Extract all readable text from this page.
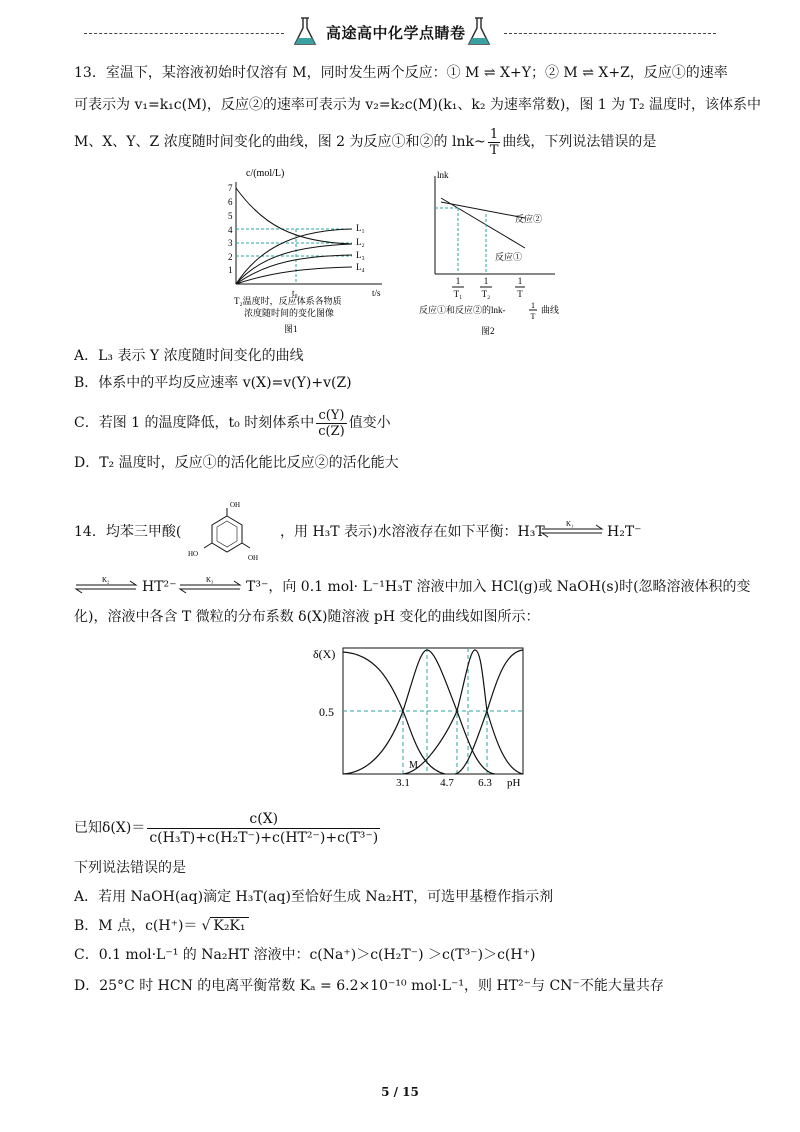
高途高中化学点睛卷
13．室温下，某溶液初始时仅溶有 M，同时发生两个反应：① M ⇌ X+Y；② M ⇌ X+Z，反应①的速率
可表示为 v₁=k₁c(M)，反应②的速率可表示为 v₂=k₂c(M)(k₁、k₂ 为速率常数)，图 1 为 T₂ 温度时，该体系中
M、X、Y、Z 浓度随时间变化的曲线，图 2 为反应①和②的 lnk~ $\frac{1}{T}$ 曲线，下列说法错误的是
c/(mol/L)
7
6
5
4
3
2
1
L₁
L₂
L₃
L₄
t₀	t/s
T₂温度时，反应体系各物质
浓度随时间的变化图像
图1
lnk
反应②
反应①
1
T₁
1
T₂
1
T
反应①和反应②的lnk-	1
T
曲线
图2
A．L₃ 表示 Y 浓度随时间变化的曲线
B．体系中的平均反应速率 v(X)=v(Y)+v(Z)
C．若图 1 的温度降低，t₀ 时刻体系中 $\frac{c(Y)}{c(Z)}$ 值变小
D．T₂ 温度时，反应①的活化能比反应②的活化能大
14．均苯三甲酸(
OH
HO	OH
，用 H₃T 表示)水溶液存在如下平衡：H₃T	K₁ H₂T⁻
K₂ HT²⁻	K₃ T³⁻，向 0.1 mol· L⁻¹H₃T 溶液中加入 HCl(g)或 NaOH(s)时(忽略溶液体积的变
化)，溶液中各含 T 微粒的分布系数 δ(X)随溶液 pH 变化的曲线如图所示：
δ(X)
0.5
M
3.1	4.7 6.3 pH
已知$\delta(X)= \frac{c(X)}{\text{c(H₃T)+c(H₂T⁻)+c(HT²⁻)+c(T³⁻)}}$
下列说法错误的是
A．若用 NaOH(aq)滴定 H₃T(aq)至恰好生成 Na₂HT，可选甲基橙作指示剂
B．M 点，c(H⁺)＝ √ K₂K₁
C．0.1 mol·L⁻¹ 的 Na₂HT 溶液中：c(Na⁺)＞c(H₂T⁻) ＞c(T³⁻)＞c(H⁺)
D．25°C 时 HCN 的电离平衡常数 Kₐ = 6.2×10⁻¹⁰ mol·L⁻¹，则 HT²⁻与 CN⁻不能大量共存
5 / 15
